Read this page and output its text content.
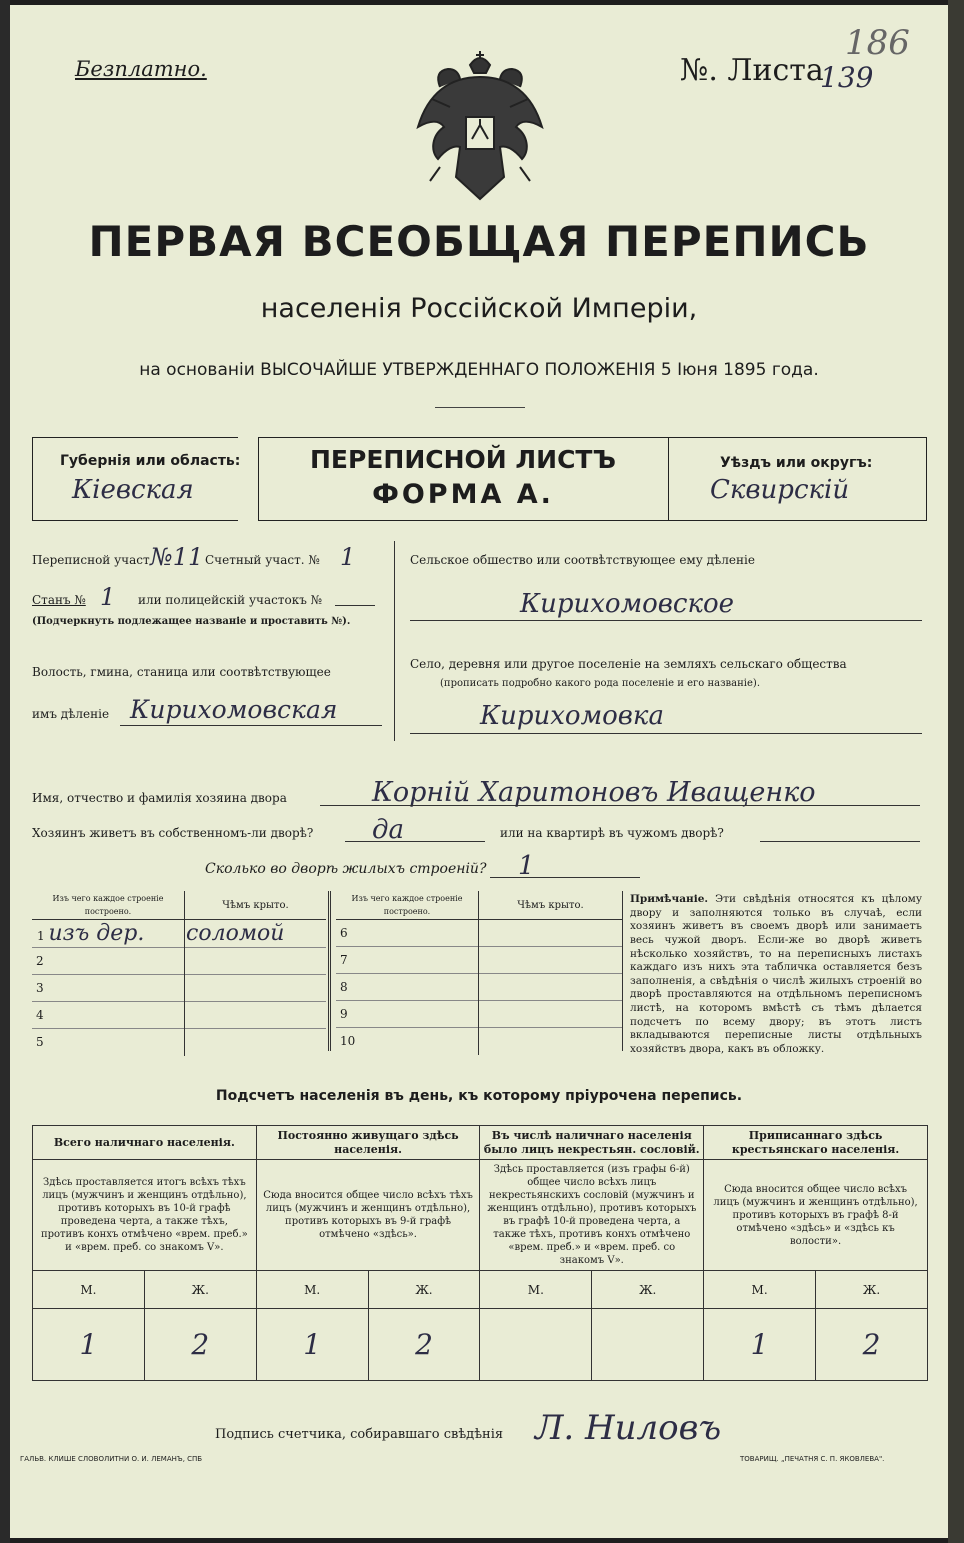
Безплатно.	№. Листа
139
186
ПЕРВАЯ ВСЕОБЩАЯ ПЕРЕПИСЬ
населенія Россійской Имперіи,
на основаніи ВЫСОЧАЙШЕ УТВЕРЖДЕННАГО ПОЛОЖЕНІЯ 5 Іюня 1895 года.
Губернія или область:
Кіевская
ПЕРЕПИСНОЙ ЛИСТЪ
ФОРМА А.
Уѣздъ или округъ:
Сквирскій
Переписной участ №11 Счетный участ. № 1
Станъ № 1 или полицейскій участокъ №
(Подчеркнуть подлежащее названіе и проставить №).
Волость, гмина, станица или соотвѣтствующее
имъ дѣленіе Кирихомовская
Сельское обшество или соотвѣтствующее ему дѣленіе
Кирихомовское
Село, деревня или другое поселеніе на земляхъ сельскаго общества
(прописать подробно какого рода поселеніе и его названіе).
Кирихомовка
Имя, отчество и фамилія хозяина двора	Корній Харитоновъ Иващенко
Хозяинъ живетъ въ собственномъ-ли дворѣ? да	или на квартирѣ въ чужомъ дворѣ?
Сколько во дворѣ жилыхъ строеній? 1
Изъ чего каждое строеніе построено.	Чѣмъ крыто.
1 изъ дер.	соломой
2	
3	
4	
5	
Изъ чего каждое строеніе построено.	Чѣмъ крыто.
6	
7	
8	
9	
10	
Примѣчаніе. Эти свѣдѣнія относятся къ цѣлому двору и заполняются только въ случаѣ, если хозяинъ живетъ въ своемъ дворѣ или занимаетъ весь чужой дворъ. Если-же во дворѣ живетъ нѣсколько хозяйствъ, то на переписныхъ листахъ каждаго изъ нихъ эта табличка оставляется безъ заполненія, а свѣдѣнія о числѣ жилыхъ строеній во дворѣ проставляются на отдѣльномъ переписномъ листѣ, на которомъ вмѣстѣ съ тѣмъ дѣлается подсчетъ по всему двору; въ этотъ листъ вкладываются переписные листы отдѣльныхъ хозяйствъ двора, какъ въ обложку.
Подсчетъ населенія въ день, къ которому пріурочена перепись.
Всего наличнаго населенія.		Постоянно живущаго здѣсь населенія.		Въ числѣ наличнаго населенія было лицъ некрестьян. сословій.		Приписаннаго здѣсь крестьянскаго населенія.	
Здѣсь проставляется итогъ всѣхъ тѣхъ лицъ (мужчинъ и женщинъ отдѣльно), противъ которыхъ въ 10-й графѣ проведена черта, а также тѣхъ, противъ конхъ отмѣчено «врем. преб.» и «врем. преб. со знакомъ V».		Сюда вносится общее число всѣхъ тѣхъ лицъ (мужчинъ и женщинъ отдѣльно), противъ которыхъ въ 9-й графѣ отмѣчено «здѣсь».		Здѣсь проставляется (изъ графы 6-й) общее число всѣхъ лицъ некрестьянскихъ сословій (мужчинъ и женщинъ отдѣльно), противъ которыхъ въ графѣ 10-й проведена черта, а также тѣхъ, противъ конхъ отмѣчено «врем. преб.» и «врем. преб. со знакомъ V».		Сюда вносится общее число всѣхъ лицъ (мужчинъ и женщинъ отдѣльно), противъ которыхъ въ графѣ 8-й отмѣчено «здѣсь» и «здѣсь къ волости».	
М.	Ж.	М.	Ж.	М.	Ж.	М.	Ж.
1	2	1	2			1	2
Подпись счетчика, собиравшаго свѣдѣнія Л. Ниловъ
ГАЛЬВ. КЛИШЕ СЛОВОЛИТНИ О. И. ЛЕМАНЪ, СПБ	ТОВАРИЩ. „ПЕЧАТНЯ С. П. ЯКОВЛЕВА".
